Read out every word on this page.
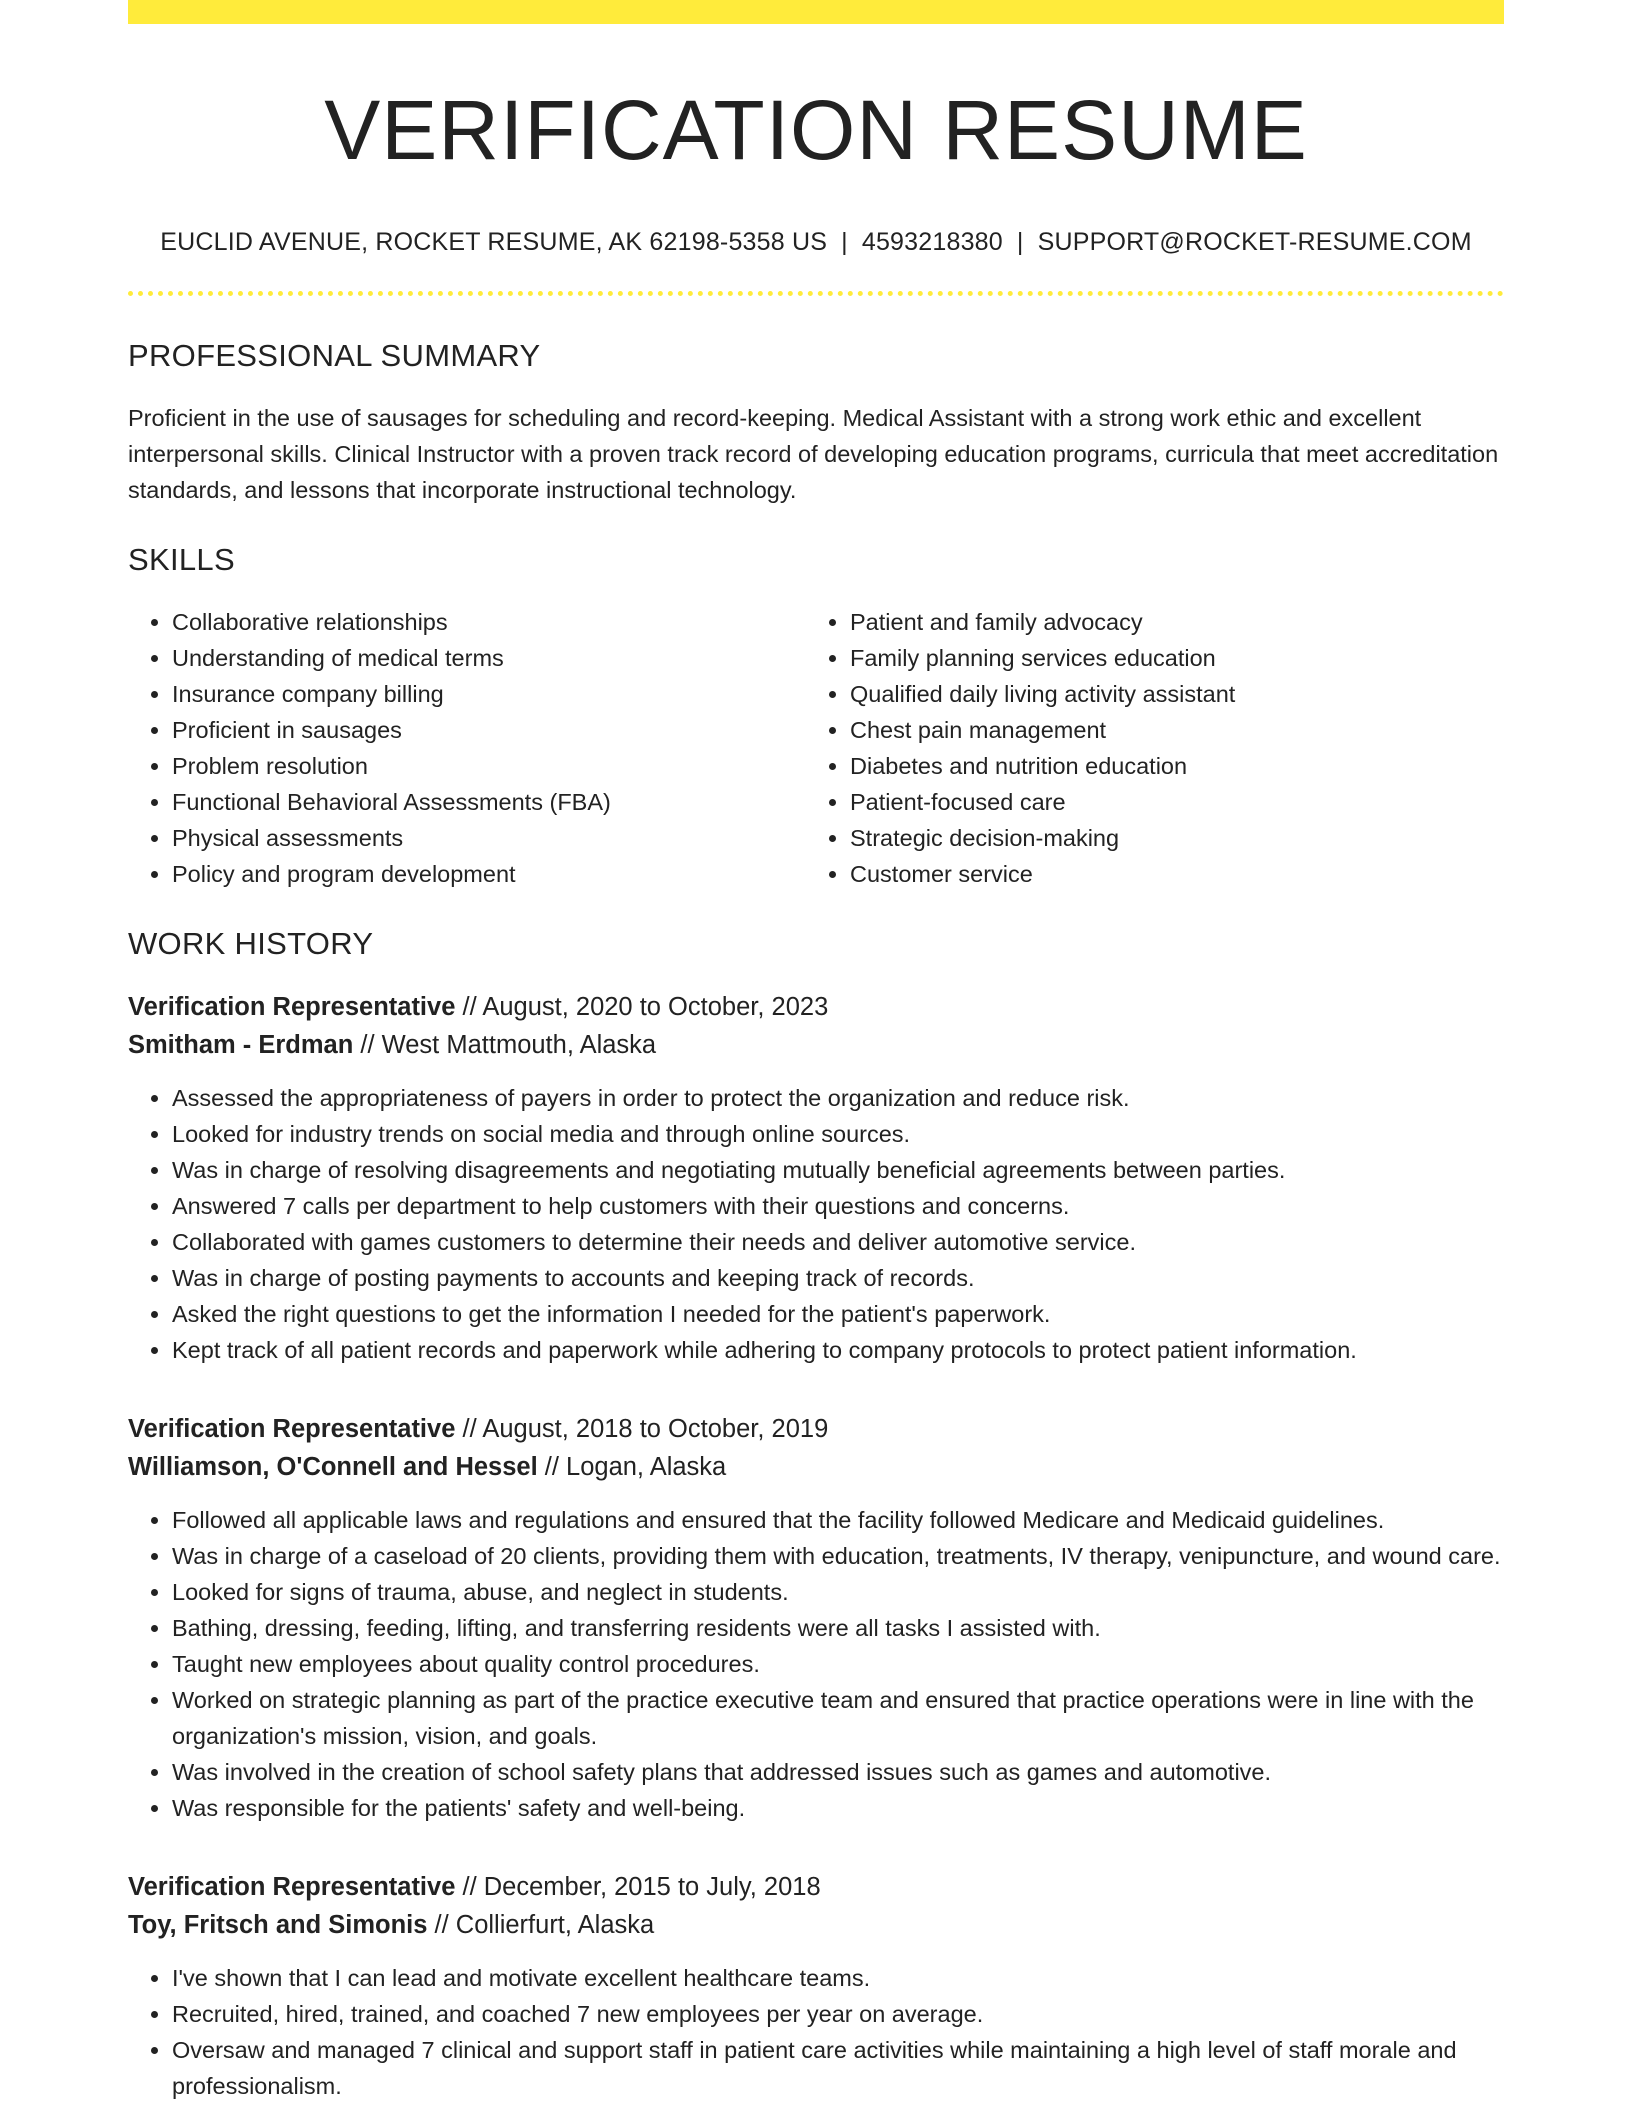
VERIFICATION RESUME
EUCLID AVENUE, ROCKET RESUME, AK 62198-5358 US | 4593218380 | SUPPORT@ROCKET-RESUME.COM
PROFESSIONAL SUMMARY

Proficient in the use of sausages for scheduling and record-keeping. Medical Assistant with a strong work ethic and excellent interpersonal skills. Clinical Instructor with a proven track record of developing education programs, curricula that meet accreditation standards, and lessons that incorporate instructional technology.

SKILLS
• Collaborative relationships
• Understanding of medical terms
• Insurance company billing
• Proficient in sausages
• Problem resolution
• Functional Behavioral Assessments (FBA)
• Physical assessments
• Policy and program development
• Patient and family advocacy
• Family planning services education
• Qualified daily living activity assistant
• Chest pain management
• Diabetes and nutrition education
• Patient-focused care
• Strategic decision-making
• Customer service
WORK HISTORY
Verification Representative // August, 2020 to October, 2023
Smitham - Erdman // West Mattmouth, Alaska
• Assessed the appropriateness of payers in order to protect the organization and reduce risk.
• Looked for industry trends on social media and through online sources.
• Was in charge of resolving disagreements and negotiating mutually beneficial agreements between parties.
• Answered 7 calls per department to help customers with their questions and concerns.
• Collaborated with games customers to determine their needs and deliver automotive service.
• Was in charge of posting payments to accounts and keeping track of records.
• Asked the right questions to get the information I needed for the patient's paperwork.
• Kept track of all patient records and paperwork while adhering to company protocols to protect patient information.
Verification Representative // August, 2018 to October, 2019
Williamson, O'Connell and Hessel // Logan, Alaska
• Followed all applicable laws and regulations and ensured that the facility followed Medicare and Medicaid guidelines.
• Was in charge of a caseload of 20 clients, providing them with education, treatments, IV therapy, venipuncture, and wound care.
• Looked for signs of trauma, abuse, and neglect in students.
• Bathing, dressing, feeding, lifting, and transferring residents were all tasks I assisted with.
• Taught new employees about quality control procedures.
• Worked on strategic planning as part of the practice executive team and ensured that practice operations were in line with the organization's mission, vision, and goals.
• Was involved in the creation of school safety plans that addressed issues such as games and automotive.
• Was responsible for the patients' safety and well-being.
Verification Representative // December, 2015 to July, 2018
Toy, Fritsch and Simonis // Collierfurt, Alaska
• I've shown that I can lead and motivate excellent healthcare teams.
• Recruited, hired, trained, and coached 7 new employees per year on average.
• Oversaw and managed 7 clinical and support staff in patient care activities while maintaining a high level of staff morale and professionalism.
